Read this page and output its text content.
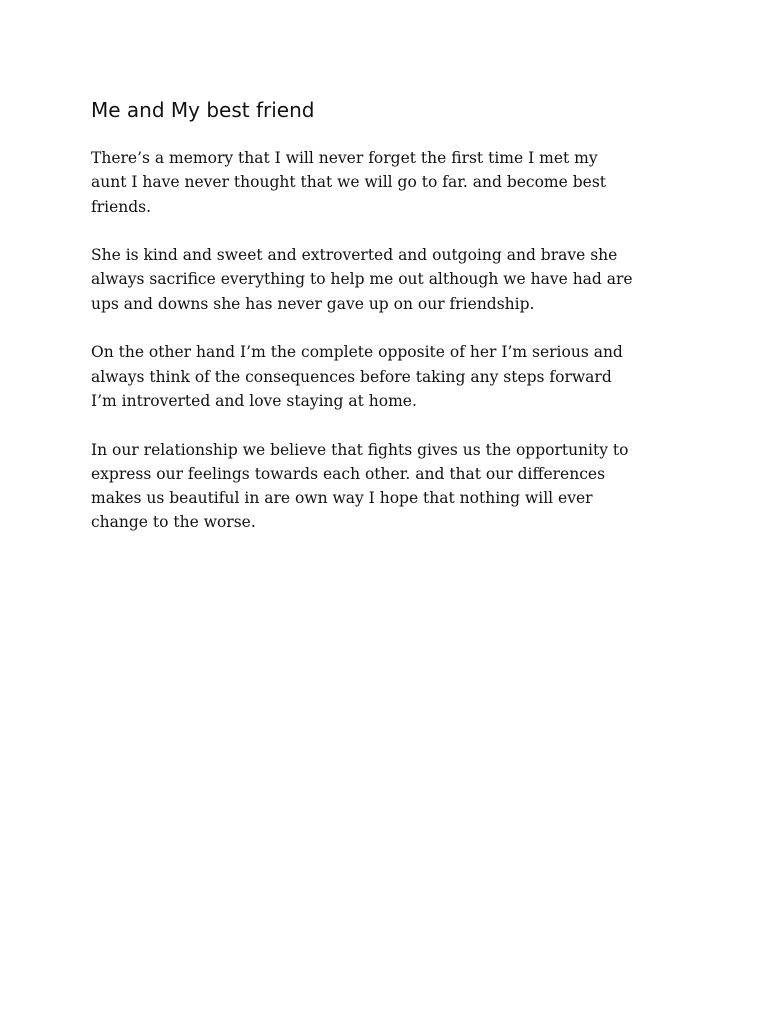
Me and My best friend

There’s a memory that I will never forget the first time I met my
aunt I have never thought that we will go to far. and become best
friends.

She is kind and sweet and extroverted and outgoing and brave she
always sacrifice everything to help me out although we have had are
ups and downs she has never gave up on our friendship.

On the other hand I’m the complete opposite of her I’m serious and
always think of the consequences before taking any steps forward
I’m introverted and love staying at home.

In our relationship we believe that fights gives us the opportunity to
express our feelings towards each other. and that our differences
makes us beautiful in are own way I hope that nothing will ever
change to the worse.
